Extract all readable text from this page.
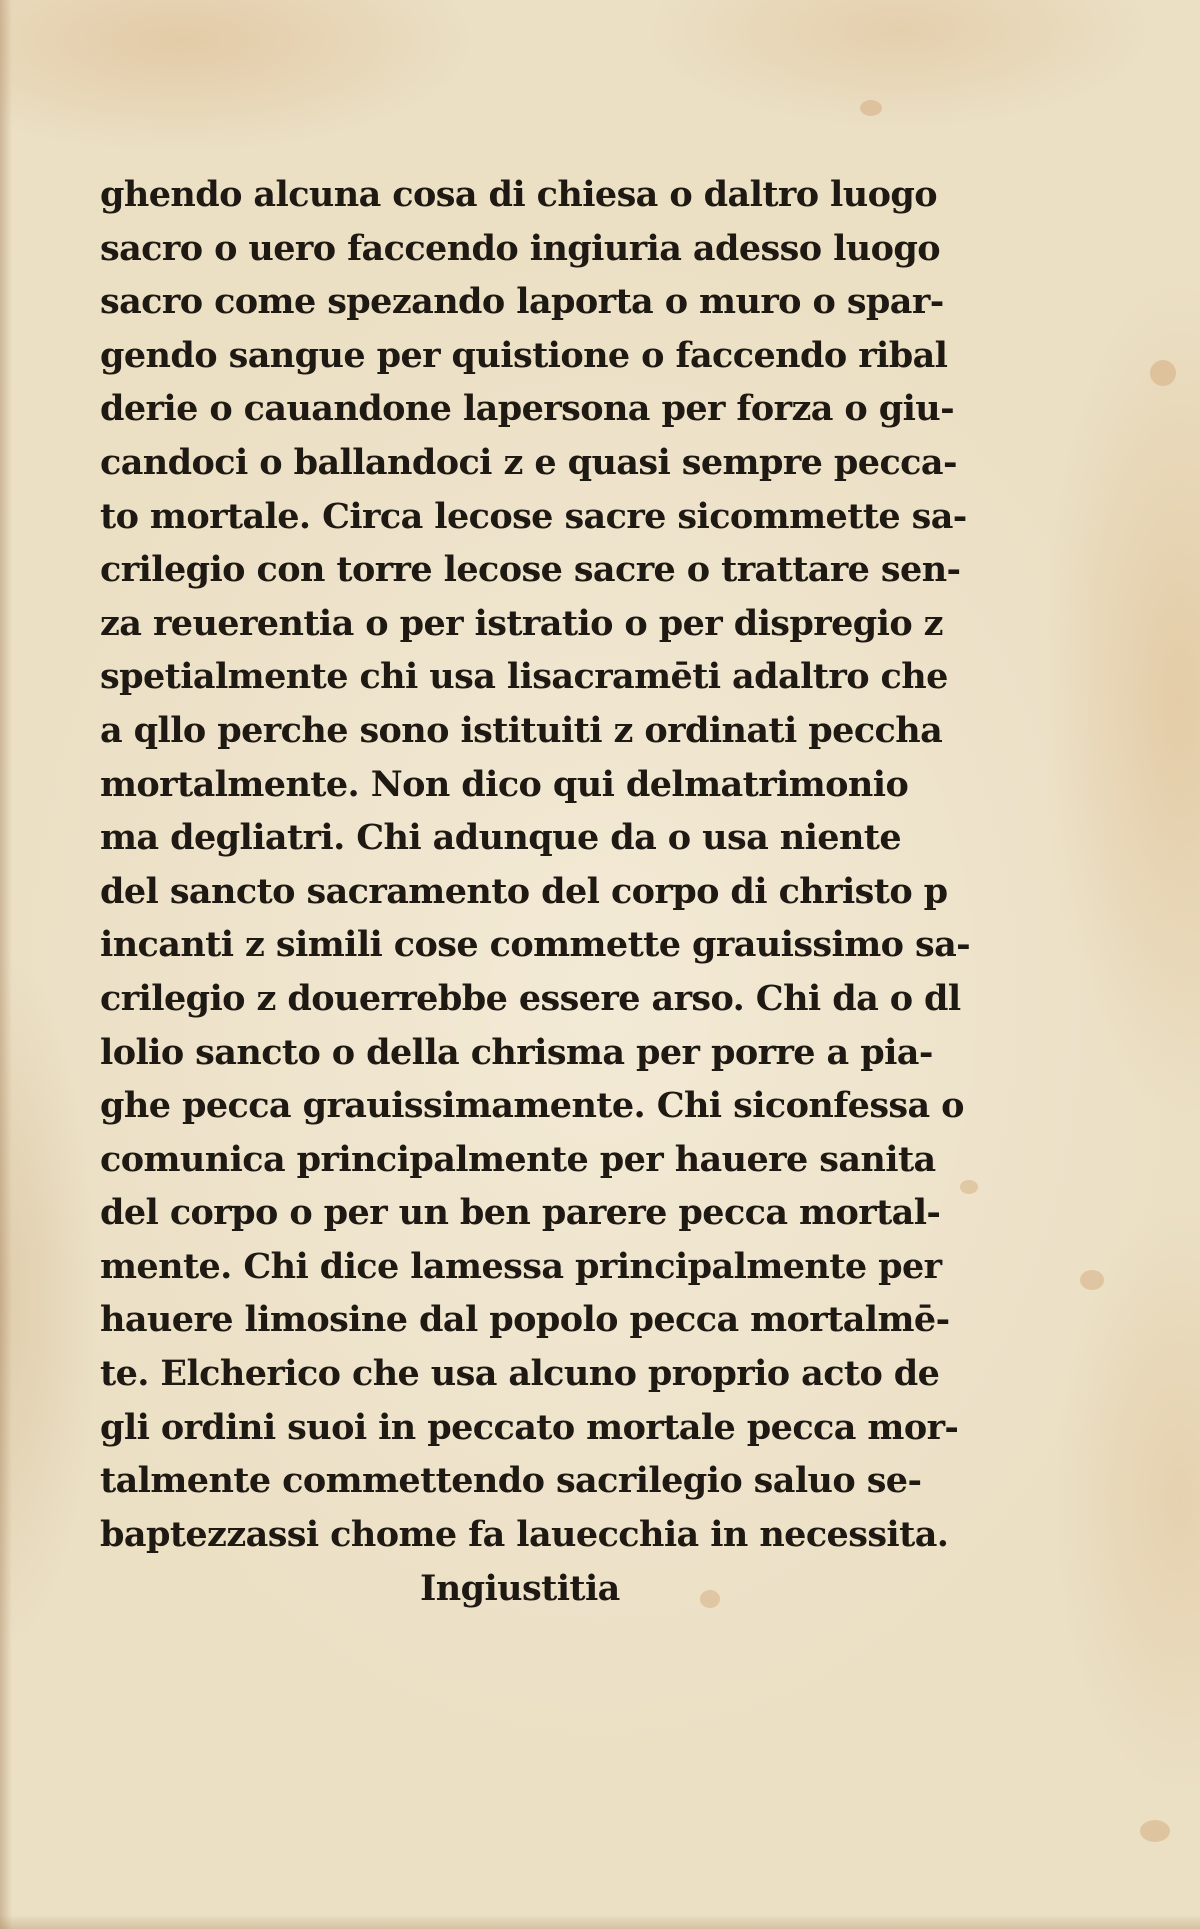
ghendo alcuna cosa di chiesa o daltro luogo
sacro o uero faccendo ingiuria adesso luogo
sacro come spezando laporta o muro o spar-
gendo sangue per quistione o faccendo ribal
derie o cauandone lapersona per forza o giu-
candoci o ballandoci z e quasi sempre pecca-
to mortale. Circa lecose sacre sicommette sa-
crilegio con torre lecose sacre o trattare sen-
za reuerentia o per istratio o per dispregio z
spetialmente chi usa lisacramēti adaltro che
a qllo perche sono istituiti z ordinati peccha
mortalmente. Non dico qui delmatrimonio
ma degliatri. Chi adunque da o usa niente
del sancto sacramento del corpo di christo p
incanti z simili cose commette grauissimo sa-
crilegio z douerrebbe essere arso. Chi da o dl
lolio sancto o della chrisma per porre a pia-
ghe pecca grauissimamente. Chi siconfessa o
comunica principalmente per hauere sanita
del corpo o per un ben parere pecca mortal-
mente. Chi dice lamessa principalmente per
hauere limosine dal popolo pecca mortalmē-
te. Elcherico che usa alcuno proprio acto de
gli ordini suoi in peccato mortale pecca mor-
talmente commettendo sacrilegio saluo se-
baptezzassi chome fa lauecchia in necessita.
Ingiustitia
